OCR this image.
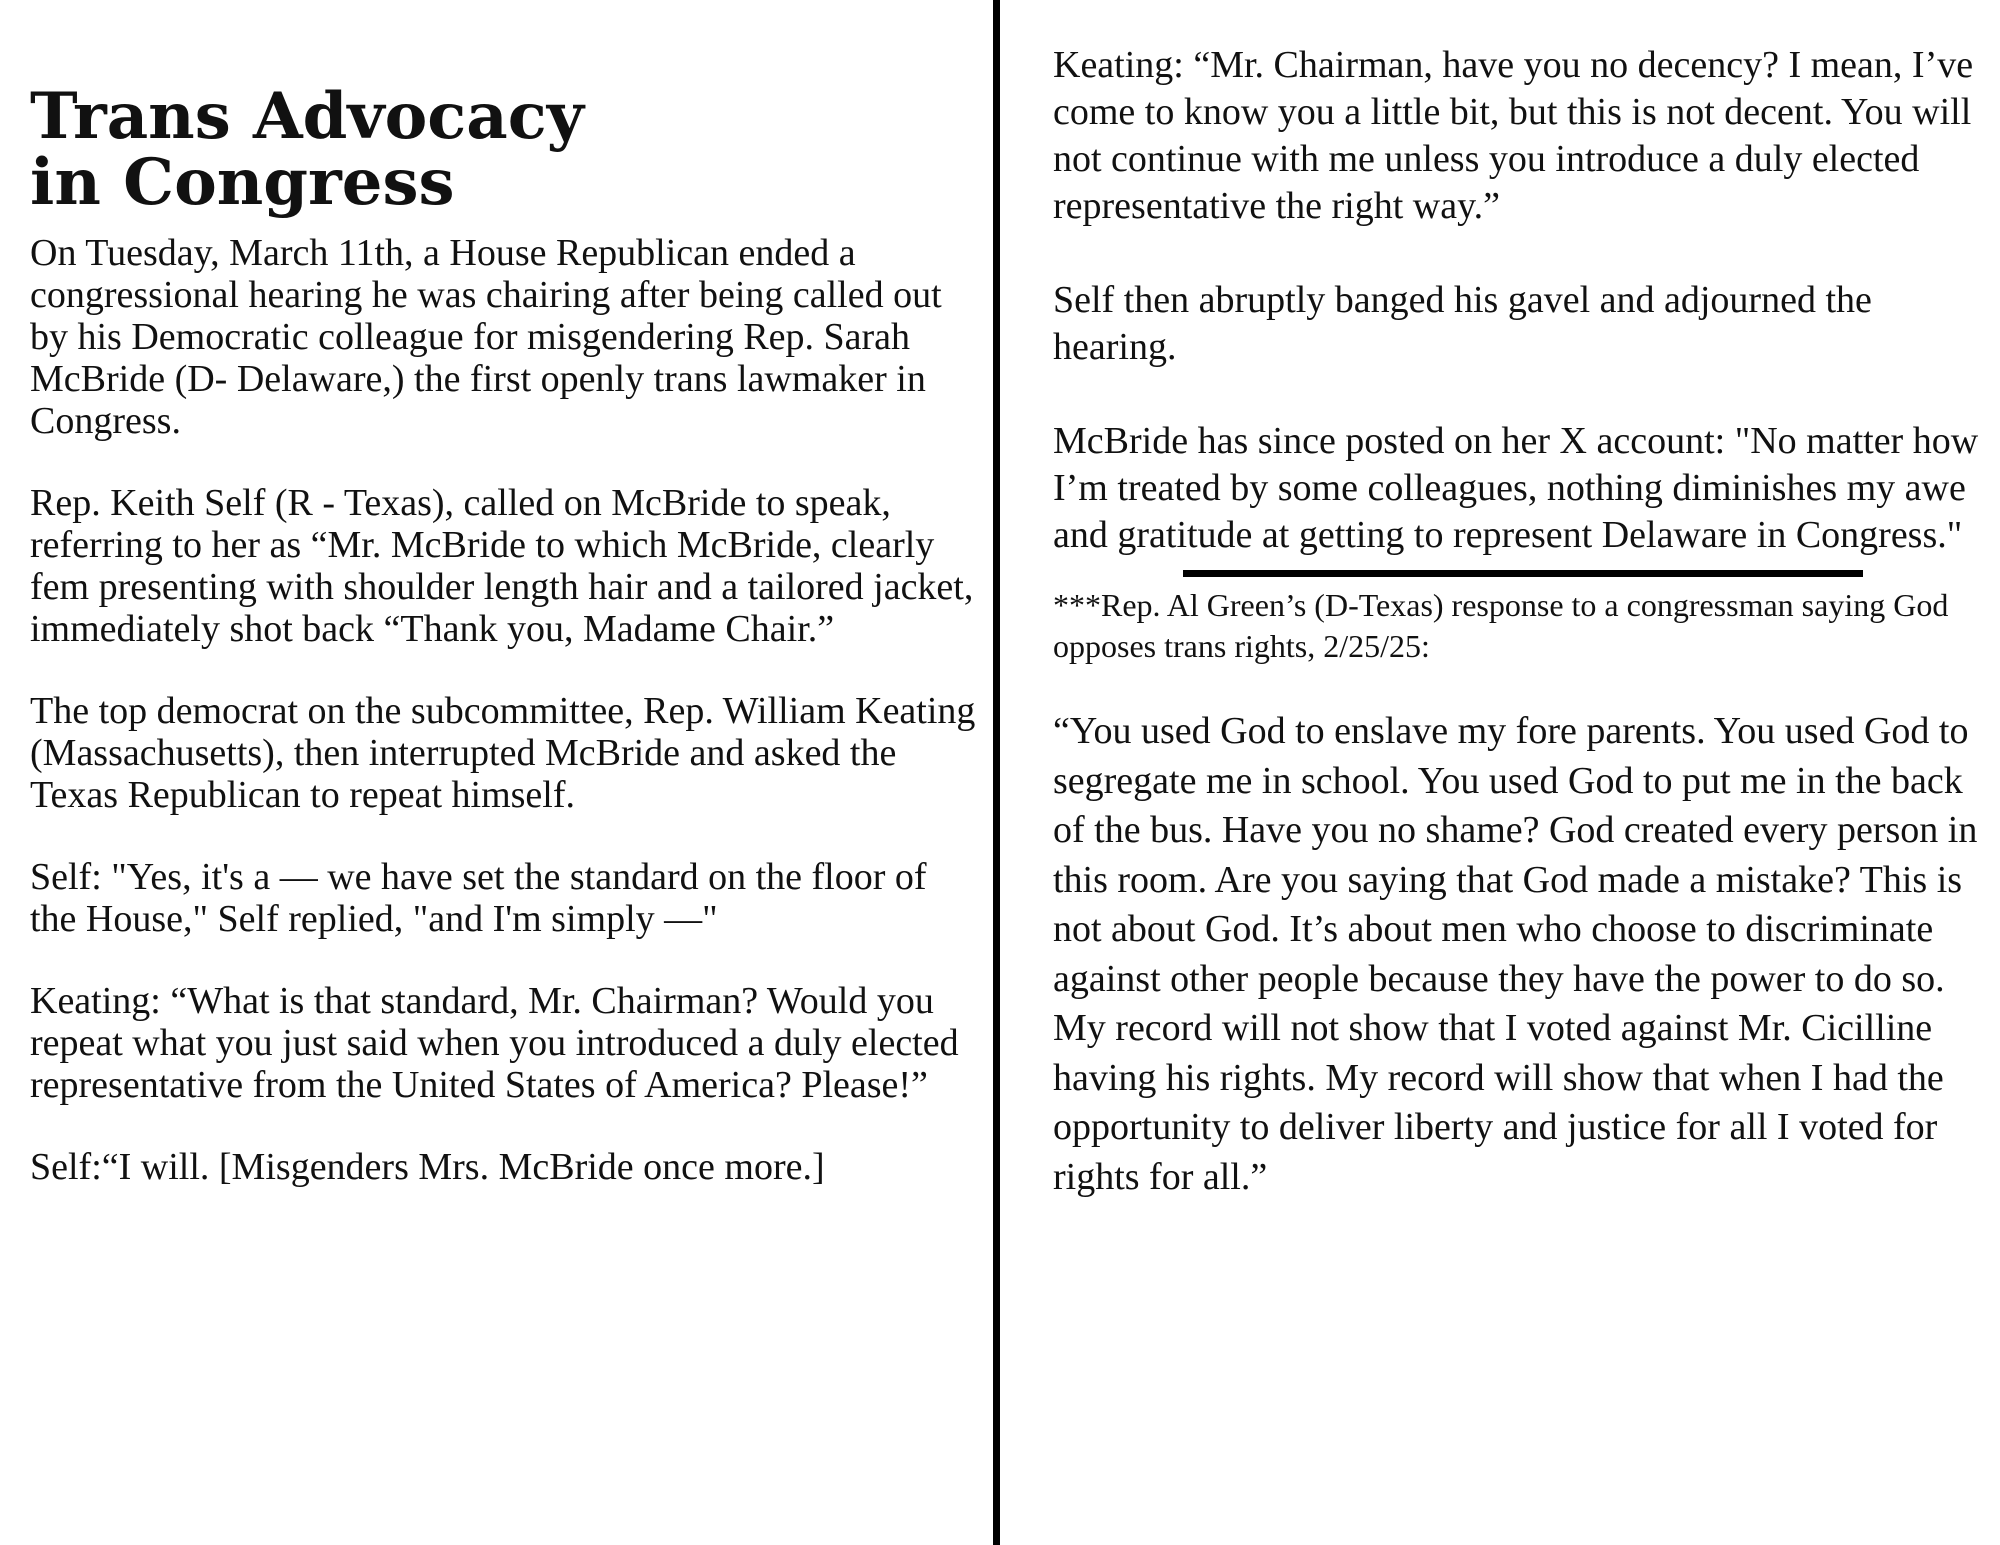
Trans Advocacy
in Congress

On Tuesday, March 11th, a House Republican ended a congressional hearing he was chairing after being called out by his Democratic colleague for misgendering Rep. Sarah McBride (D- Delaware,) the first openly trans lawmaker in Congress.

Rep. Keith Self (R - Texas), called on McBride to speak, referring to her as “Mr. McBride to which McBride, clearly fem presenting with shoulder length hair and a tailored jacket, immediately shot back “Thank you, Madame Chair.”

The top democrat on the subcommittee, Rep. William Keating (Massachusetts), then interrupted McBride and asked the Texas Republican to repeat himself.

Self: "Yes, it's a — we have set the standard on the floor of the House," Self replied, "and I'm simply —"

Keating: “What is that standard, Mr. Chairman? Would you repeat what you just said when you introduced a duly elected representative from the United States of America? Please!”

Self:“I will. [Misgenders Mrs. McBride once more.]

Keating: “Mr. Chairman, have you no decency? I mean, I’ve come to know you a little bit, but this is not decent. You will not continue with me unless you introduce a duly elected representative the right way.”

Self then abruptly banged his gavel and adjourned the hearing.

McBride has since posted on her X account: "No matter how I’m treated by some colleagues, nothing diminishes my awe and gratitude at getting to represent Delaware in Congress."

***Rep. Al Green’s (D-Texas) response to a congressman saying God opposes trans rights, 2/25/25:

“You used God to enslave my fore parents. You used God to segregate me in school. You used God to put me in the back of the bus. Have you no shame? God created every person in this room. Are you saying that God made a mistake? This is not about God. It’s about men who choose to discriminate against other people because they have the power to do so. My record will not show that I voted against Mr. Cicilline having his rights. My record will show that when I had the opportunity to deliver liberty and justice for all I voted for rights for all.”
